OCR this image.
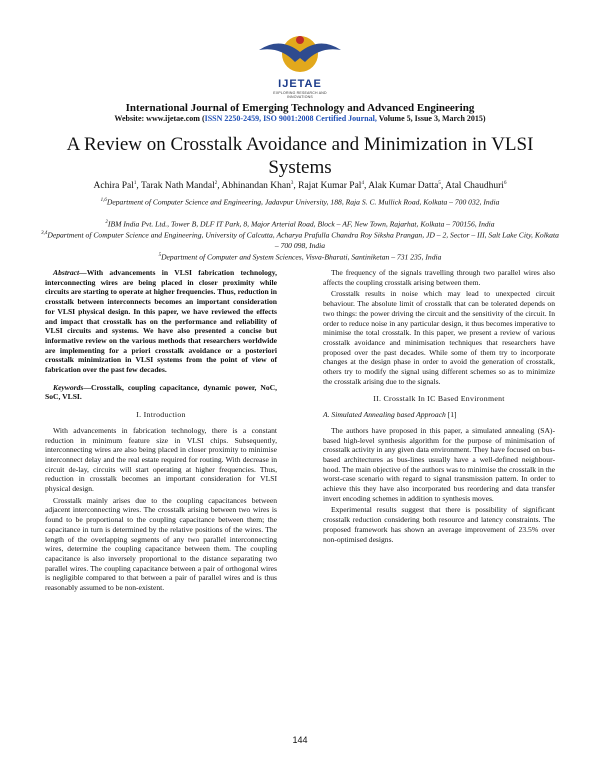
IJETAE
EXPLORING RESEARCH AND INNOVATIONS
International Journal of Emerging Technology and Advanced Engineering
Website: www.ijetae.com (ISSN 2250-2459, ISO 9001:2008 Certified Journal, Volume 5, Issue 3, March 2015)
A Review on Crosstalk Avoidance and Minimization in VLSI Systems
Achira Pal$^1$, Tarak Nath Mandal$^2$, Abhinandan Khan$^3$, Rajat Kumar Pal$^4$, Alak Kumar Datta$^5$, Atal Chaudhuri$^6$
$^{1,6}$Department of Computer Science and Engineering, Jadavpur University, 188, Raja S. C. Mullick Road, Kolkata – 700 032, India
$^2$IBM India Pvt. Ltd., Tower B, DLF IT Park, 8, Major Arterial Road, Block – AF, New Town, Rajarhat, Kolkata – 700156, India
$^{3,4}$Department of Computer Science and Engineering, University of Calcutta, Acharya Prafulla Chandra Roy Siksha Prangan, JD – 2, Sector – III, Salt Lake City, Kolkata – 700 098, India
$^5$Department of Computer and System Sciences, Visva-Bharati, Santiniketan – 731 235, India

Abstract—With advancements in VLSI fabrication technology, interconnecting wires are being placed in closer proximity while circuits are starting to operate at higher frequencies. Thus, reduction in crosstalk between interconnects becomes an important consideration for VLSI physical design. In this paper, we have reviewed the effects and impact that crosstalk has on the performance and reliability of VLSI circuits and systems. We have also presented a concise but informative review on the various methods that researchers worldwide are implementing for a priori crosstalk avoidance or a posteriori crosstalk minimization in VLSI systems from the point of view of fabrication over the past few decades.

Keywords—Crosstalk, coupling capacitance, dynamic power, NoC, SoC, VLSI.

I. Introduction

With advancements in fabrication technology, there is a constant reduction in minimum feature size in VLSI chips. Subsequently, interconnecting wires are also being placed in closer proximity to minimise interconnect delay and the real estate required for routing. With decrease in circuit de-lay, circuits will start operating at higher frequencies. Thus, reduction in crosstalk becomes an important consideration for VLSI physical design.

Crosstalk mainly arises due to the coupling capacitances between adjacent interconnecting wires. The crosstalk arising between two wires is found to be proportional to the coupling capacitance between them; the capacitance in turn is determined by the relative positions of the wires. The length of the overlapping segments of any two parallel interconnecting wires, determine the coupling capacitance between them. The coupling capacitance is also inversely proportional to the distance separating two parallel wires. The coupling capacitance between a pair of orthogonal wires is negligible compared to that between a pair of parallel wires and is thus reasonably assumed to be non-existent.

The frequency of the signals travelling through two parallel wires also affects the coupling crosstalk arising between them.

Crosstalk results in noise which may lead to unexpected circuit behaviour. The absolute limit of crosstalk that can be tolerated depends on two things: the power driving the circuit and the sensitivity of the circuit. In order to reduce noise in any particular design, it thus becomes imperative to minimise the total crosstalk. In this paper, we present a review of various crosstalk avoidance and minimisation techniques that researchers have proposed over the past decades. While some of them try to incorporate changes at the design phase in order to avoid the generation of crosstalk, others try to modify the signal using different schemes so as to minimize the crosstalk arising due to the signals.

II. Crosstalk In IC Based Environment

A. Simulated Annealing based Approach [1]

The authors have proposed in this paper, a simulated annealing (SA)-based high-level synthesis algorithm for the purpose of minimisation of crosstalk activity in any given data environment. They have focused on bus-based architectures as bus-lines usually have a well-defined neighbour-hood. The main objective of the authors was to minimise the crosstalk in the worst-case scenario with regard to signal transmission pattern. In order to achieve this they have also incorporated bus reordering and data transfer invert encoding schemes in addition to synthesis moves.

Experimental results suggest that there is possibility of significant crosstalk reduction considering both resource and latency constraints. The proposed framework has shown an average improvement of 23.5% over non-optimised designs.

144
